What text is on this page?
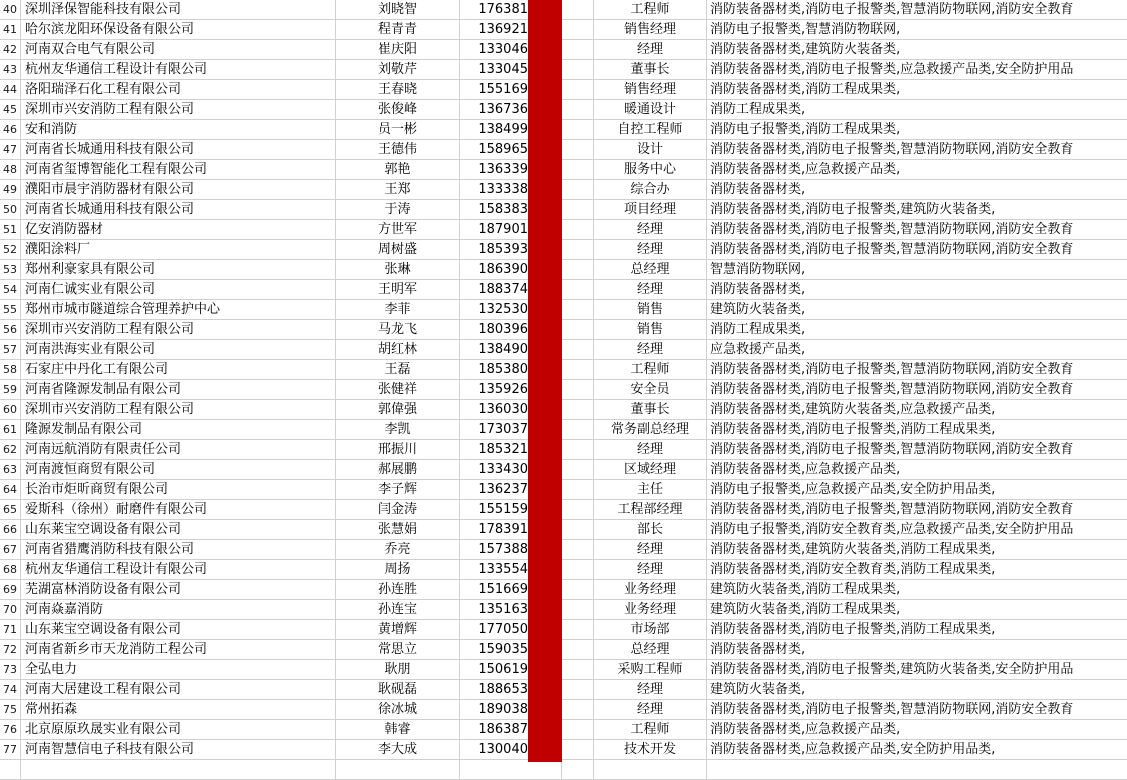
40 深圳泽保智能科技有限公司	刘晓智	176381	工程师	消防装备器材类,消防电子报警类,智慧消防物联网,消防安全教育
41 哈尔滨龙阳环保设备有限公司	程青青	136921	销售经理	消防电子报警类,智慧消防物联网,
42 河南双合电气有限公司	崔庆阳	133046	经理	消防装备器材类,建筑防火装备类,
43 杭州友华通信工程设计有限公司	刘敬芹	133045	董事长	消防装备器材类,消防电子报警类,应急救援产品类,安全防护用品
44 洛阳瑞泽石化工程有限公司	王春晓	155169	销售经理	消防装备器材类,消防工程成果类,
45 深圳市兴安消防工程有限公司	张俊峰	136736	暖通设计	消防工程成果类,
46 安和消防	员一彬	138499	自控工程师	消防电子报警类,消防工程成果类,
47 河南省长城通用科技有限公司	王德伟	158965	设计	消防装备器材类,消防电子报警类,智慧消防物联网,消防安全教育
48 河南省玺博智能化工程有限公司	郭艳	136339	服务中心	消防装备器材类,应急救援产品类,
49 濮阳市晨宇消防器材有限公司	王郑	133338	综合办	消防装备器材类,
50 河南省长城通用科技有限公司	于涛	158383	项目经理	消防装备器材类,消防电子报警类,建筑防火装备类,
51 亿安消防器材	方世军	187901	经理	消防装备器材类,消防电子报警类,智慧消防物联网,消防安全教育
52 濮阳涂料厂	周树盛	185393	经理	消防装备器材类,消防电子报警类,智慧消防物联网,消防安全教育
53 郑州利豪家具有限公司	张琳	186390	总经理	智慧消防物联网,
54 河南仁诚实业有限公司	王明军	188374	经理	消防装备器材类,
55 郑州市城市隧道综合管理养护中心	李菲	132530	销售	建筑防火装备类,
56 深圳市兴安消防工程有限公司	马龙飞	180396	销售	消防工程成果类,
57 河南洪海实业有限公司	胡红林	138490	经理	应急救援产品类,
58 石家庄中丹化工有限公司	王磊	185380	工程师	消防装备器材类,消防电子报警类,智慧消防物联网,消防安全教育
59 河南省隆源发制品有限公司	张健祥	135926	安全员	消防装备器材类,消防电子报警类,智慧消防物联网,消防安全教育
60 深圳市兴安消防工程有限公司	郭偉强	136030	董事长	消防装备器材类,建筑防火装备类,应急救援产品类,
61 隆源发制品有限公司	李凯	173037	常务副总经理	消防装备器材类,消防电子报警类,消防工程成果类,
62 河南远航消防有限责任公司	邢振川	185321	经理	消防装备器材类,消防电子报警类,智慧消防物联网,消防安全教育
63 河南渡恒商贸有限公司	郝展鹏	133430	区域经理	消防装备器材类,应急救援产品类,
64 长治市炬昕商贸有限公司	李子辉	136237	主任	消防电子报警类,应急救援产品类,安全防护用品类,
65 爱斯科（徐州）耐磨件有限公司	闫金涛	155159	工程部经理	消防装备器材类,消防电子报警类,智慧消防物联网,消防安全教育
66 山东莱宝空调设备有限公司	张慧娟	178391	部长	消防电子报警类,消防安全教育类,应急救援产品类,安全防护用品
67 河南省猎鹰消防科技有限公司	乔亮	157388	经理	消防装备器材类,建筑防火装备类,消防工程成果类,
68 杭州友华通信工程设计有限公司	周扬	133554	经理	消防装备器材类,消防安全教育类,消防工程成果类,
69 芜湖富林消防设备有限公司	孙连胜	151669	业务经理	建筑防火装备类,消防工程成果类,
70 河南焱嘉消防	孙连宝	135163	业务经理	建筑防火装备类,消防工程成果类,
71 山东莱宝空调设备有限公司	黄增辉	177050	市场部	消防装备器材类,消防电子报警类,消防工程成果类,
72 河南省新乡市天龙消防工程公司	常思立	159035	总经理	消防装备器材类,
73 全弘电力	耿朋	150619	采购工程师	消防装备器材类,消防电子报警类,建筑防火装备类,安全防护用品
74 河南大居建设工程有限公司	耿砚磊	188653	经理	建筑防火装备类,
75 常州拓森	徐冰城	189038	经理	消防装备器材类,消防电子报警类,智慧消防物联网,消防安全教育
76 北京原原玖晟实业有限公司	韩睿	186387	工程师	消防装备器材类,应急救援产品类,
77 河南智慧信电子科技有限公司	李大成	130040	技术开发	消防装备器材类,应急救援产品类,安全防护用品类,
